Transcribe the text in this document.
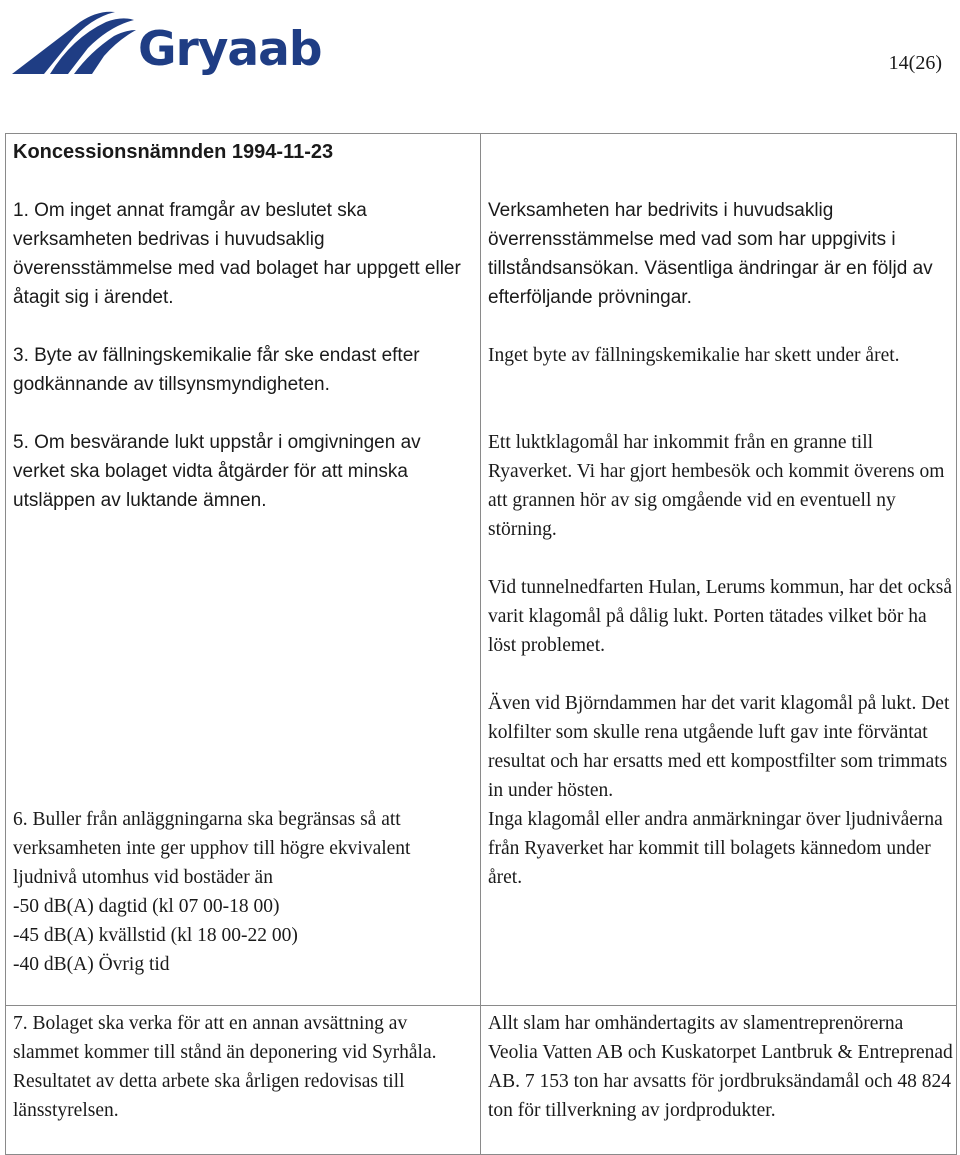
Gryaab	14(26)
Koncessionsnämnden 1994-11-23

1. Om inget annat framgår av beslutet ska verksamheten bedrivas i huvudsaklig överensstämmelse med vad bolaget har uppgett eller åtagit sig i ärendet.

3. Byte av fällningskemikalie får ske endast efter godkännande av tillsynsmyndigheten.

5. Om besvärande lukt uppstår i omgivningen av verket ska bolaget vidta åtgärder för att minska utsläppen av luktande ämnen.

6. Buller från anläggningarna ska begränsas så att verksamheten inte ger upphov till högre ekvivalent ljudnivå utomhus vid bostäder än
-50 dB(A) dagtid (kl 07 00-18 00)
-45 dB(A) kvällstid (kl 18 00-22 00)
-40 dB(A) Övrig tid

7. Bolaget ska verka för att en annan avsättning av slammet kommer till stånd än deponering vid Syrhåla. Resultatet av detta arbete ska årligen redovisas till länsstyrelsen.

Verksamheten har bedrivits i huvudsaklig överrensstämmelse med vad som har uppgivits i tillståndsansökan. Väsentliga ändringar är en följd av efterföljande prövningar.

Inget byte av fällningskemikalie har skett under året.

Ett luktklagomål har inkommit från en granne till Ryaverket. Vi har gjort hembesök och kommit överens om att grannen hör av sig omgående vid en eventuell ny störning.

Vid tunnelnedfarten Hulan, Lerums kommun, har det också varit klagomål på dålig lukt. Porten tätades vilket bör ha löst problemet.

Även vid Björndammen har det varit klagomål på lukt. Det kolfilter som skulle rena utgående luft gav inte förväntat resultat och har ersatts med ett kompostfilter som trimmats in under hösten.

Inga klagomål eller andra anmärkningar över ljudnivåerna från Ryaverket har kommit till bolagets kännedom under året.

Allt slam har omhändertagits av slamentreprenörerna Veolia Vatten AB och Kuskatorpet Lantbruk & Entreprenad AB. 7 153 ton har avsatts för jordbruksändamål och 48 824 ton för tillverkning av jordprodukter.
